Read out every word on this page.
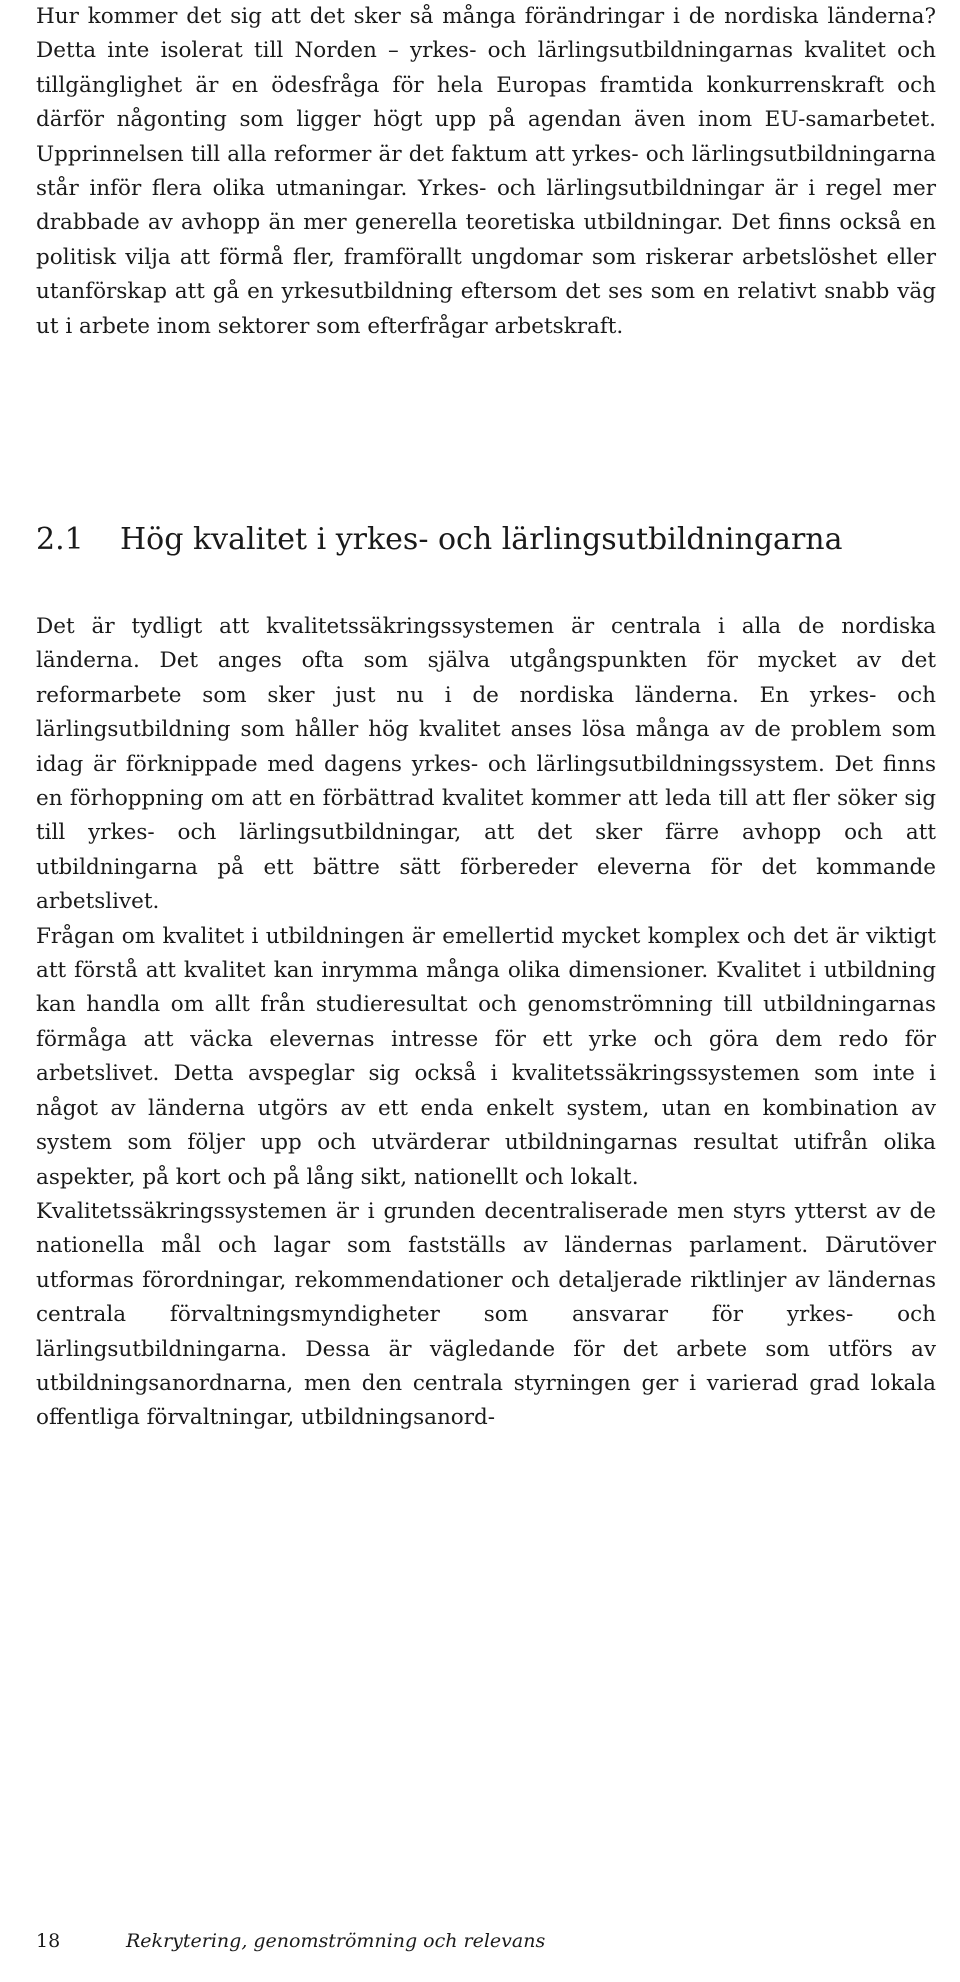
Hur kommer det sig att det sker så många förändringar i de nordiska länderna? Detta inte isolerat till Norden – yrkes- och lärlingsutbildningarnas kvalitet och tillgänglighet är en ödesfråga för hela Europas framtida konkurrenskraft och därför någonting som ligger högt upp på agendan även inom EU-samarbetet. Upprinnelsen till alla reformer är det faktum att yrkes- och lärlingsutbildningarna står inför flera olika utmaningar. Yrkes- och lärlingsutbildningar är i regel mer drabbade av avhopp än mer generella teoretiska utbildningar. Det finns också en politisk vilja att förmå fler, framförallt ungdomar som riskerar arbetslöshet eller utanförskap att gå en yrkesutbildning eftersom det ses som en relativt snabb väg ut i arbete inom sektorer som efterfrågar arbetskraft.

2.1 Hög kvalitet i yrkes- och lärlingsutbildningarna

Det är tydligt att kvalitetssäkringssystemen är centrala i alla de nordiska länderna. Det anges ofta som själva utgångspunkten för mycket av det reformarbete som sker just nu i de nordiska länderna. En yrkes- och lärlingsutbildning som håller hög kvalitet anses lösa många av de problem som idag är förknippade med dagens yrkes- och lärlingsutbildningssystem. Det finns en förhoppning om att en förbättrad kvalitet kommer att leda till att fler söker sig till yrkes- och lärlingsutbildningar, att det sker färre avhopp och att utbildningarna på ett bättre sätt förbereder eleverna för det kommande arbetslivet.

Frågan om kvalitet i utbildningen är emellertid mycket komplex och det är viktigt att förstå att kvalitet kan inrymma många olika dimensioner. Kvalitet i utbildning kan handla om allt från studieresultat och genomströmning till utbildningarnas förmåga att väcka elevernas intresse för ett yrke och göra dem redo för arbetslivet. Detta avspeglar sig också i kvalitetssäkringssystemen som inte i något av länderna utgörs av ett enda enkelt system, utan en kombination av system som följer upp och utvärderar utbildningarnas resultat utifrån olika aspekter, på kort och på lång sikt, nationellt och lokalt.

Kvalitetssäkringssystemen är i grunden decentraliserade men styrs ytterst av de nationella mål och lagar som fastställs av ländernas parlament. Därutöver utformas förordningar, rekommendationer och detaljerade riktlinjer av ländernas centrala förvaltningsmyndigheter som ansvarar för yrkes- och lärlingsutbildningarna. Dessa är vägledande för det arbete som utförs av utbildningsanordnarna, men den centrala styrningen ger i varierad grad lokala offentliga förvaltningar, utbildningsanord-

18	Rekrytering, genomströmning och relevans
